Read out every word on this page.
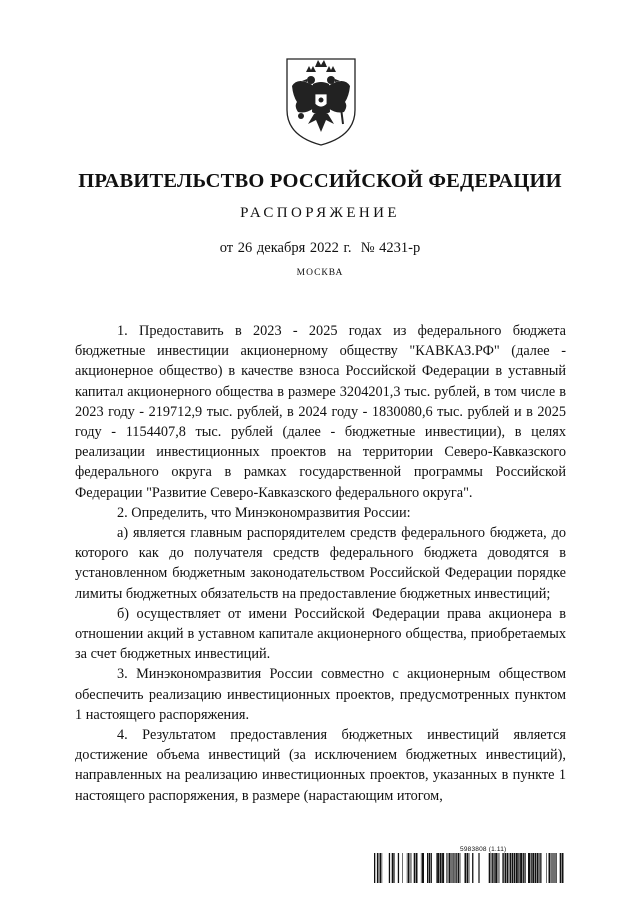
ПРАВИТЕЛЬСТВО РОССИЙСКОЙ ФЕДЕРАЦИИ
РАСПОРЯЖЕНИЕ
от 26 декабря 2022 г. № 4231-р
МОСКВА

1. Предоставить в 2023 - 2025 годах из федерального бюджета бюджетные инвестиции акционерному обществу "КАВКАЗ.РФ" (далее - акционерное общество) в качестве взноса Российской Федерации в уставный капитал акционерного общества в размере 3204201,3 тыс. рублей, в том числе в 2023 году - 219712,9 тыс. рублей, в 2024 году - 1830080,6 тыс. рублей и в 2025 году - 1154407,8 тыс. рублей (далее - бюджетные инвестиции), в целях реализации инвестиционных проектов на территории Северо-Кавказского федерального округа в рамках государственной программы Российской Федерации "Развитие Северо-Кавказского федерального округа".

2. Определить, что Минэкономразвития России:

а) является главным распорядителем средств федерального бюджета, до которого как до получателя средств федерального бюджета доводятся в установленном бюджетным законодательством Российской Федерации порядке лимиты бюджетных обязательств на предоставление бюджетных инвестиций;

б) осуществляет от имени Российской Федерации права акционера в отношении акций в уставном капитале акционерного общества, приобретаемых за счет бюджетных инвестиций.

3. Минэкономразвития России совместно с акционерным обществом обеспечить реализацию инвестиционных проектов, предусмотренных пунктом 1 настоящего распоряжения.

4. Результатом предоставления бюджетных инвестиций является достижение объема инвестиций (за исключением бюджетных инвестиций), направленных на реализацию инвестиционных проектов, указанных в пункте 1 настоящего распоряжения, в размере (нарастающим итогом,

5983808 (1.11)
